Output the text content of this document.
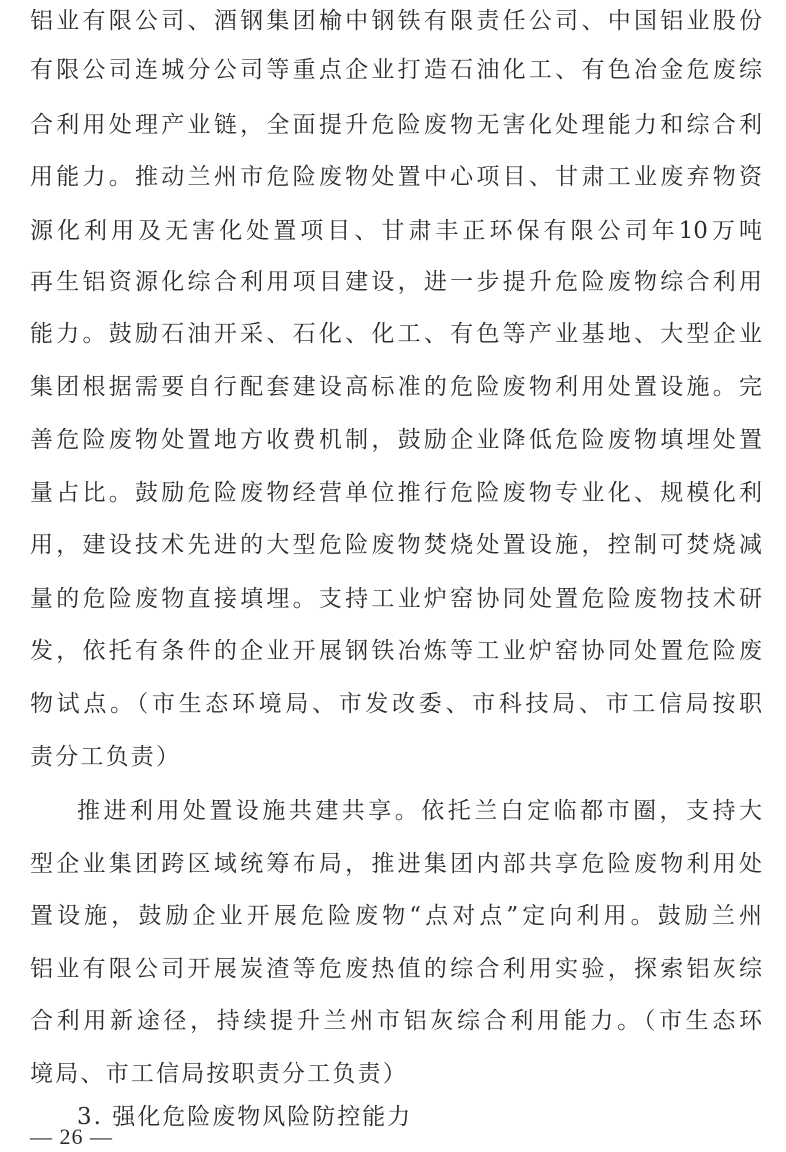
铝业有限公司、酒钢集团榆中钢铁有限责任公司、中国铝业股份
有限公司连城分公司等重点企业打造石油化工、有色冶金危废综
合利用处理产业链，全面提升危险废物无害化处理能力和综合利
用能力。推动兰州市危险废物处置中心项目、甘肃工业废弃物资
源化利用及无害化处置项目、甘肃丰正环保有限公司年10万吨
再生铝资源化综合利用项目建设，进一步提升危险废物综合利用
能力。鼓励石油开采、石化、化工、有色等产业基地、大型企业
集团根据需要自行配套建设高标准的危险废物利用处置设施。完
善危险废物处置地方收费机制，鼓励企业降低危险废物填埋处置
量占比。鼓励危险废物经营单位推行危险废物专业化、规模化利
用，建设技术先进的大型危险废物焚烧处置设施，控制可焚烧减
量的危险废物直接填埋。支持工业炉窑协同处置危险废物技术研
发，依托有条件的企业开展钢铁冶炼等工业炉窑协同处置危险废
物试点。（市生态环境局、市发改委、市科技局、市工信局按职
责分工负责）
推进利用处置设施共建共享。依托兰白定临都市圈，支持大
型企业集团跨区域统筹布局，推进集团内部共享危险废物利用处
置设施，鼓励企业开展危险废物“点对点”定向利用。鼓励兰州
铝业有限公司开展炭渣等危废热值的综合利用实验，探索铝灰综
合利用新途径，持续提升兰州市铝灰综合利用能力。（市生态环
境局、市工信局按职责分工负责）
3. 强化危险废物风险防控能力
— 26 —
